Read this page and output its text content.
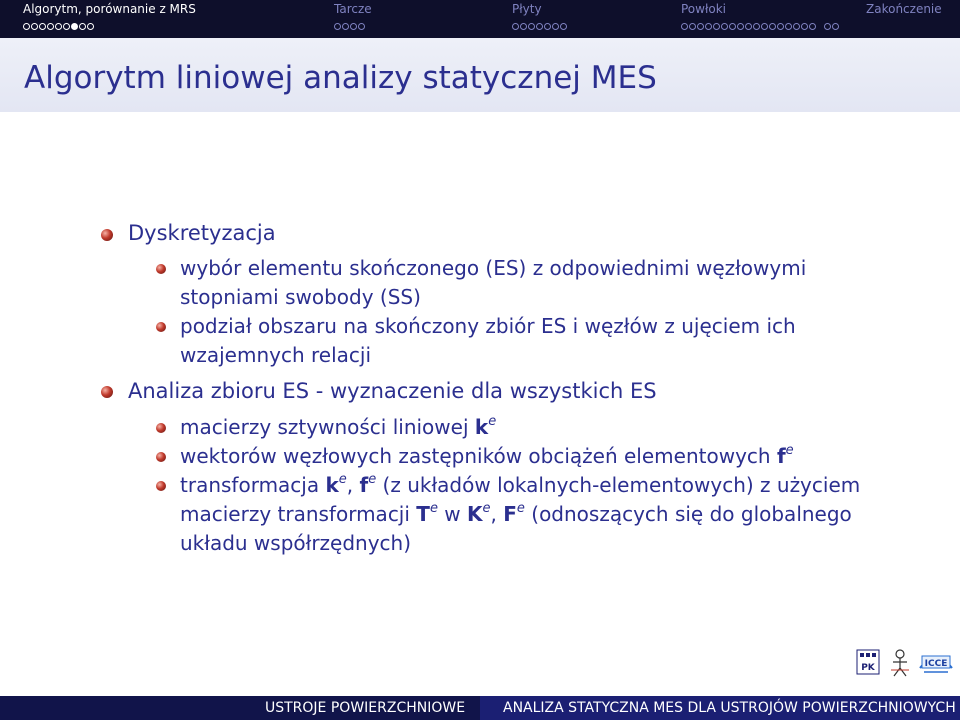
Algorytm, porównanie z MRS	Tarcze	Płyty	Powłoki	Zakończenie
Algorytm liniowej analizy statycznej MES
Dyskretyzacja
wybór elementu skończonego (ES) z odpowiednimi węzłowymi
stopniami swobody (SS)
podział obszaru na skończony zbiór ES i węzłów z ujęciem ich
wzajemnych relacji
Analiza zbioru ES - wyznaczenie dla wszystkich ES
macierzy sztywności liniowej $k^e$
wektorów węzłowych zastępników obciążeń elementowych $f^e$
transformacja $k^e$, $f^e$ (z układów lokalnych-elementowych) z użyciem
macierzy transformacji $T^e$ w $K^e$, $F^e$ (odnoszących się do globalnego
układu współrzędnych)
PK	ICCE
USTROJE POWIERZCHNIOWE	ANALIZA STATYCZNA MES DLA USTROJÓW POWIERZCHNIOWYCH
